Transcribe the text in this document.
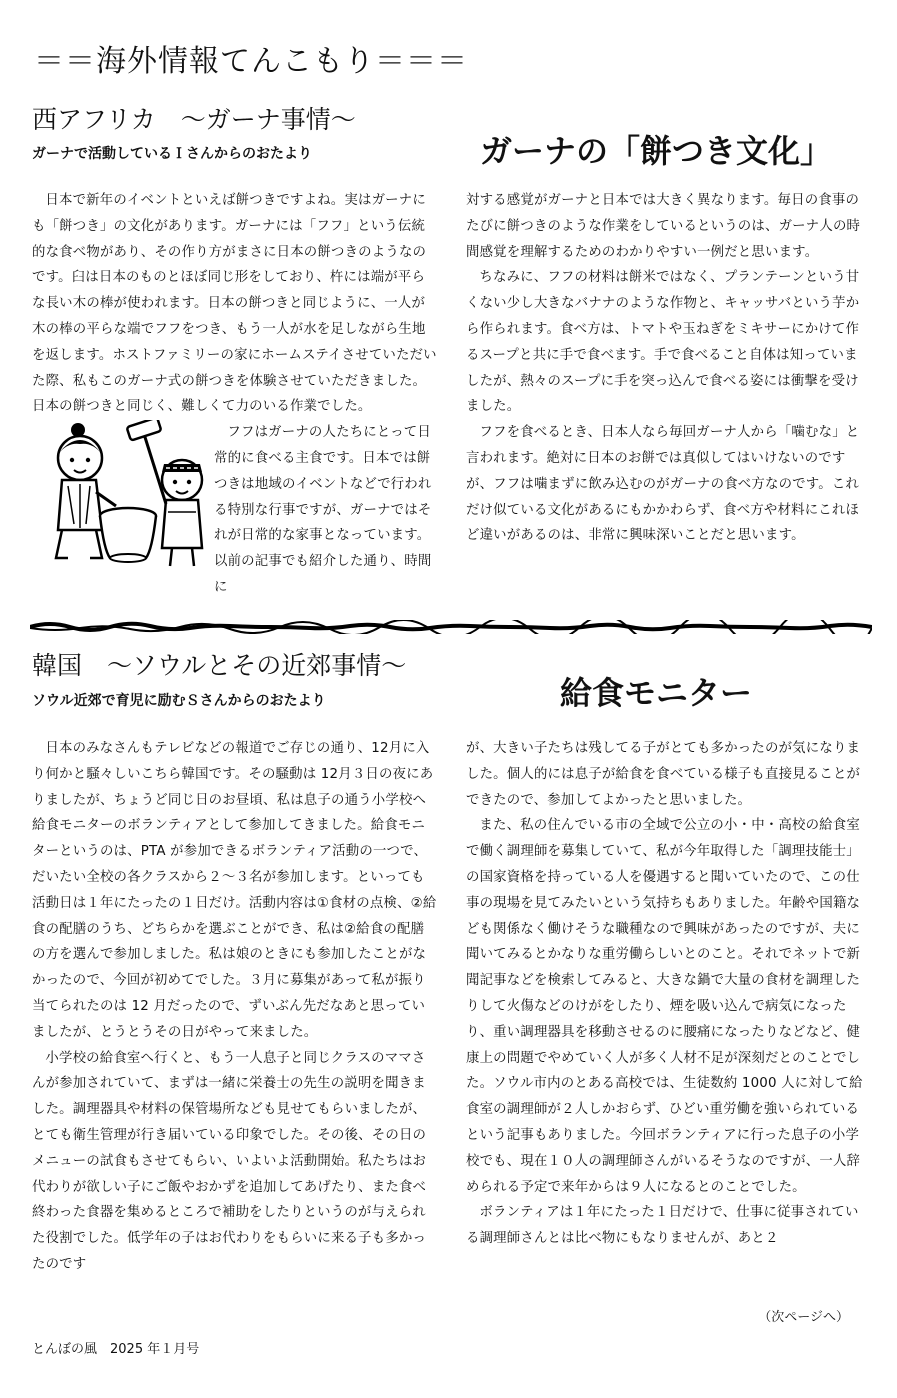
＝＝海外情報てんこもり＝＝＝
西アフリカ　～ガーナ事情～
ガーナで活動しているＩさんからのおたより	ガーナの「餅つき文化」

日本で新年のイベントといえば餅つきですよね。実はガーナにも「餅つき」の文化があります。ガーナには「フフ」という伝統的な食べ物があり、その作り方がまさに日本の餅つきのようなのです。臼は日本のものとほぼ同じ形をしており、杵には端が平らな長い木の棒が使われます。日本の餅つきと同じように、一人が木の棒の平らな端でフフをつき、もう一人が水を足しながら生地を返します。ホストファミリーの家にホームステイさせていただいた際、私もこのガーナ式の餅つきを体験させていただきました。日本の餅つきと同じく、難しくて力のいる作業でした。

フフはガーナの人たちにとって日常的に食べる主食です。日本では餅つきは地域のイベントなどで行われる特別な行事ですが、ガーナではそれが日常的な家事となっています。以前の記事でも紹介した通り、時間に

対する感覚がガーナと日本では大きく異なります。毎日の食事のたびに餅つきのような作業をしているというのは、ガーナ人の時間感覚を理解するためのわかりやすい一例だと思います。

ちなみに、フフの材料は餅米ではなく、プランテーンという甘くない少し大きなバナナのような作物と、キャッサバという芋から作られます。食べ方は、トマトや玉ねぎをミキサーにかけて作るスープと共に手で食べます。手で食べること自体は知っていましたが、熱々のスープに手を突っ込んで食べる姿には衝撃を受けました。

フフを食べるとき、日本人なら毎回ガーナ人から「噛むな」と言われます。絶対に日本のお餅では真似してはいけないのですが、フフは噛まずに飲み込むのがガーナの食べ方なのです。これだけ似ている文化があるにもかかわらず、食べ方や材料にこれほど違いがあるのは、非常に興味深いことだと思います。

韓国　～ソウルとその近郊事情～
ソウル近郊で育児に励むＳさんからのおたより	給食モニター

日本のみなさんもテレビなどの報道でご存じの通り、12月に入り何かと騒々しいこちら韓国です。その騒動は 12月３日の夜にありましたが、ちょうど同じ日のお昼頃、私は息子の通う小学校へ給食モニターのボランティアとして参加してきました。給食モニターというのは、PTA が参加できるボランティア活動の一つで、だいたい全校の各クラスから２～３名が参加します。といっても活動日は１年にたったの１日だけ。活動内容は①食材の点検、②給食の配膳のうち、どちらかを選ぶことができ、私は②給食の配膳の方を選んで参加しました。私は娘のときにも参加したことがなかったので、今回が初めてでした。３月に募集があって私が振り当てられたのは 12 月だったので、ずいぶん先だなあと思っていましたが、とうとうその日がやって来ました。

小学校の給食室へ行くと、もう一人息子と同じクラスのママさんが参加されていて、まずは一緒に栄養士の先生の説明を聞きました。調理器具や材料の保管場所なども見せてもらいましたが、とても衛生管理が行き届いている印象でした。その後、その日のメニューの試食もさせてもらい、いよいよ活動開始。私たちはお代わりが欲しい子にご飯やおかずを追加してあげたり、また食べ終わった食器を集めるところで補助をしたりというのが与えられた役割でした。低学年の子はお代わりをもらいに来る子も多かったのです

が、大きい子たちは残してる子がとても多かったのが気になりました。個人的には息子が給食を食べている様子も直接見ることができたので、参加してよかったと思いました。

また、私の住んでいる市の全域で公立の小・中・高校の給食室で働く調理師を募集していて、私が今年取得した「調理技能士」の国家資格を持っている人を優遇すると聞いていたので、この仕事の現場を見てみたいという気持ちもありました。年齢や国籍なども関係なく働けそうな職種なので興味があったのですが、夫に聞いてみるとかなりな重労働らしいとのこと。それでネットで新聞記事などを検索してみると、大きな鍋で大量の食材を調理したりして火傷などのけがをしたり、煙を吸い込んで病気になったり、重い調理器具を移動させるのに腰痛になったりなどなど、健康上の問題でやめていく人が多く人材不足が深刻だとのことでした。ソウル市内のとある高校では、生徒数約 1000 人に対して給食室の調理師が２人しかおらず、ひどい重労働を強いられているという記事もありました。今回ボランティアに行った息子の小学校でも、現在１０人の調理師さんがいるそうなのですが、一人辞められる予定で来年からは９人になるとのことでした。

ボランティアは１年にたった１日だけで、仕事に従事されている調理師さんとは比べ物にもなりませんが、あと２

（次ページへ）
とんぼの風　2025 年１月号
